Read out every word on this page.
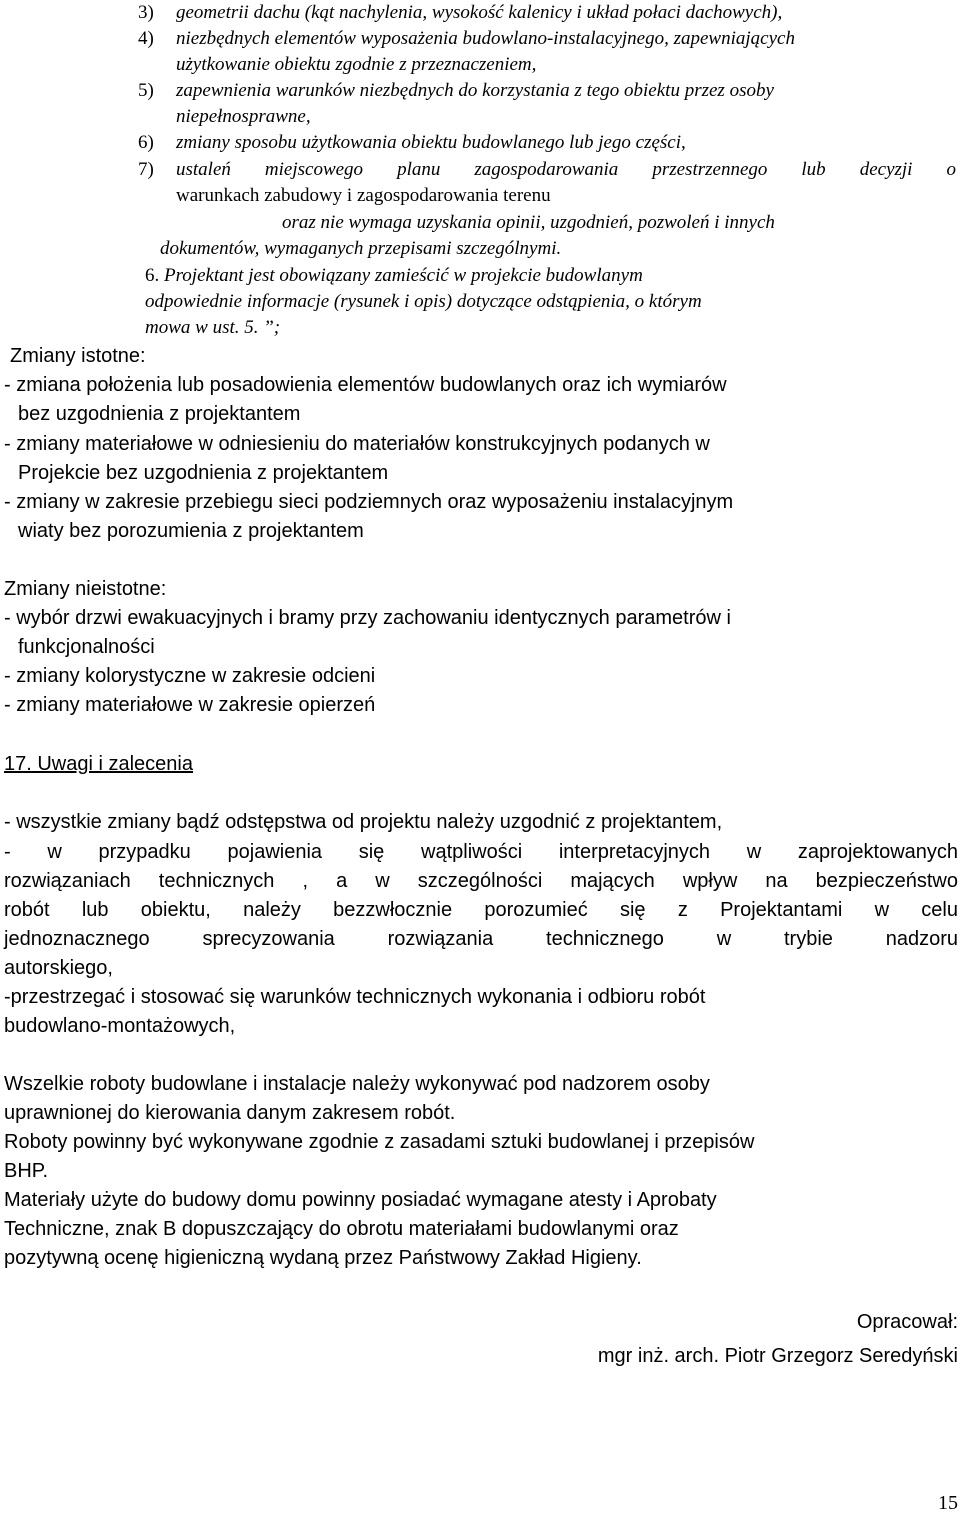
3) geometrii dachu (kąt nachylenia, wysokość kalenicy i układ połaci dachowych),
4) niezbędnych elementów wyposażenia budowlano-instalacyjnego, zapewniających
użytkowanie obiektu zgodnie z przeznaczeniem,
5) zapewnienia warunków niezbędnych do korzystania z tego obiektu przez osoby
niepełnosprawne,
6) zmiany sposobu użytkowania obiektu budowlanego lub jego części,
7) ustaleń miejscowego planu zagospodarowania przestrzennego lub decyzji o
warunkach zabudowy i zagospodarowania terenu
oraz nie wymaga uzyskania opinii, uzgodnień, pozwoleń i innych
dokumentów, wymaganych przepisami szczególnymi.
6. Projektant jest obowiązany zamieścić w projekcie budowlanym
odpowiednie informacje (rysunek i opis) dotyczące odstąpienia, o którym
mowa w ust. 5. ”;
Zmiany istotne:
- zmiana położenia lub posadowienia elementów budowlanych oraz ich wymiarów
bez uzgodnienia z projektantem
- zmiany materiałowe w odniesieniu do materiałów konstrukcyjnych podanych w
Projekcie bez uzgodnienia z projektantem
- zmiany w zakresie przebiegu sieci podziemnych oraz wyposażeniu instalacyjnym
wiaty bez porozumienia z projektantem
Zmiany nieistotne:
- wybór drzwi ewakuacyjnych i bramy przy zachowaniu identycznych parametrów i
funkcjonalności
- zmiany kolorystyczne w zakresie odcieni
- zmiany materiałowe w zakresie opierzeń
17. Uwagi i zalecenia
- wszystkie zmiany bądź odstępstwa od projektu należy uzgodnić z projektantem,
- w przypadku pojawienia się wątpliwości interpretacyjnych w zaprojektowanych
rozwiązaniach technicznych , a w szczególności mających wpływ na bezpieczeństwo
robót lub obiektu, należy bezzwłocznie porozumieć się z Projektantami w celu
jednoznacznego sprecyzowania rozwiązania technicznego w trybie nadzoru
autorskiego,
-przestrzegać i stosować się warunków technicznych wykonania i odbioru robót
budowlano-montażowych,
Wszelkie roboty budowlane i instalacje należy wykonywać pod nadzorem osoby
uprawnionej do kierowania danym zakresem robót.
Roboty powinny być wykonywane zgodnie z zasadami sztuki budowlanej i przepisów
BHP.
Materiały użyte do budowy domu powinny posiadać wymagane atesty i Aprobaty
Techniczne, znak B dopuszczający do obrotu materiałami budowlanymi oraz
pozytywną ocenę higieniczną wydaną przez Państwowy Zakład Higieny.
Opracował:
mgr inż. arch. Piotr Grzegorz Seredyński
15
